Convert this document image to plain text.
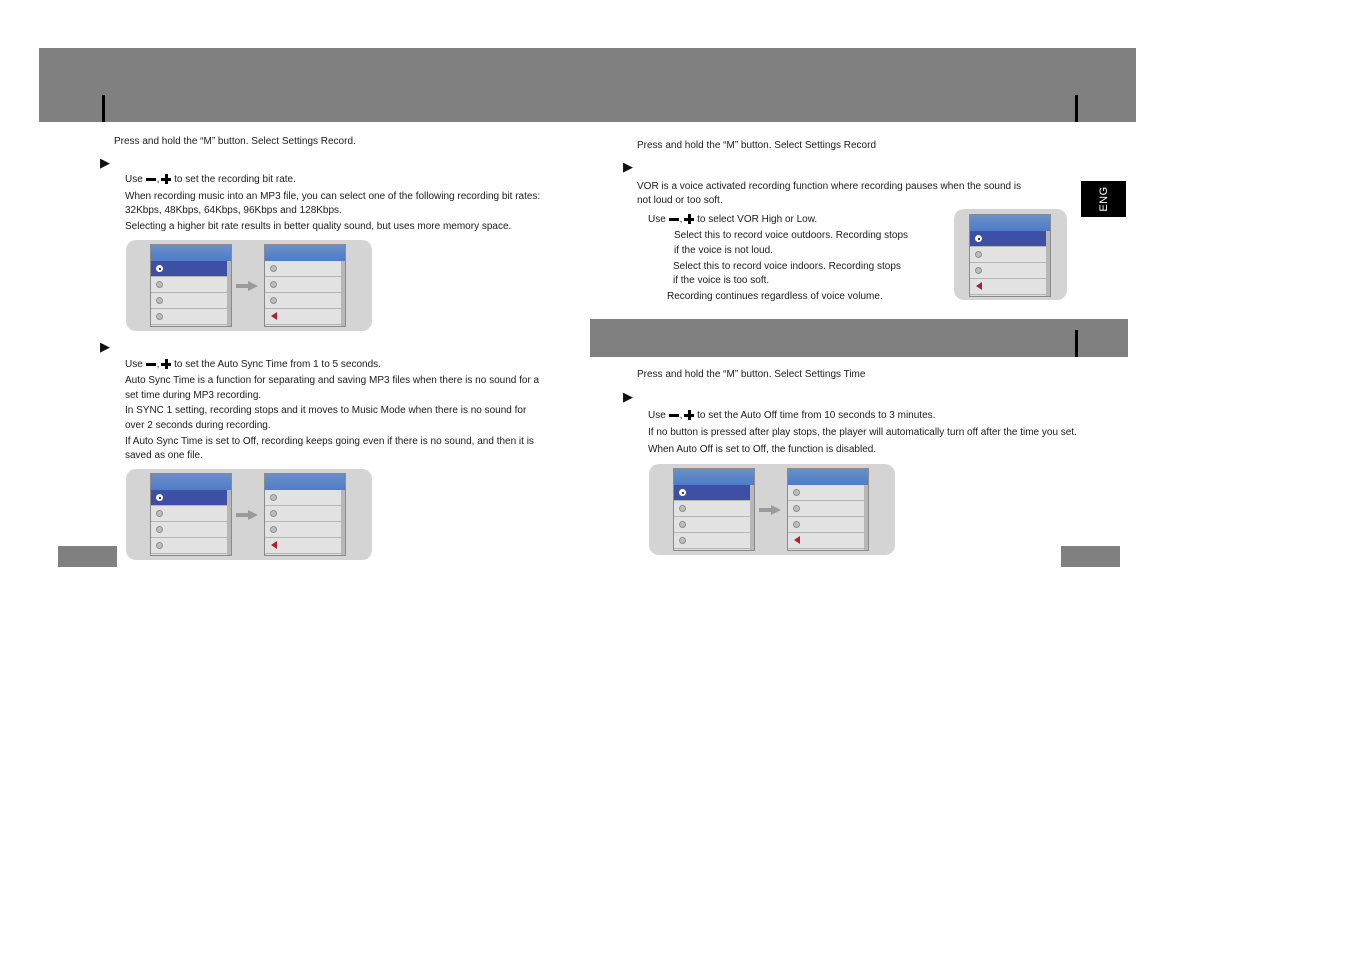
ENG
Press and hold the “M” button. Select Settings Record.
▶
Use , to set the recording bit rate.
When recording music into an MP3 file, you can select one of the following recording bit rates:
32Kbps, 48Kbps, 64Kbps, 96Kbps and 128Kbps.
Selecting a higher bit rate results in better quality sound, but uses more memory space.
▶
Use , to set the Auto Sync Time from 1 to 5 seconds.
Auto Sync Time is a function for separating and saving MP3 files when there is no sound for a
set time during MP3 recording.
In SYNC 1 setting, recording stops and it moves to Music Mode when there is no sound for
over 2 seconds during recording.
If Auto Sync Time is set to Off, recording keeps going even if there is no sound, and then it is
saved as one file.
Press and hold the “M” button. Select Settings Record
▶
VOR is a voice activated recording function where recording pauses when the sound is
not loud or too soft.
Use , to select VOR High or Low.
Select this to record voice outdoors. Recording stops
if the voice is not loud.
Select this to record voice indoors. Recording stops
if the voice is too soft.
Recording continues regardless of voice volume.
Press and hold the “M” button. Select Settings Time
▶
Use , to set the Auto Off time from 10 seconds to 3 minutes.
If no button is pressed after play stops, the player will automatically turn off after the time you set.
When Auto Off is set to Off, the function is disabled.
